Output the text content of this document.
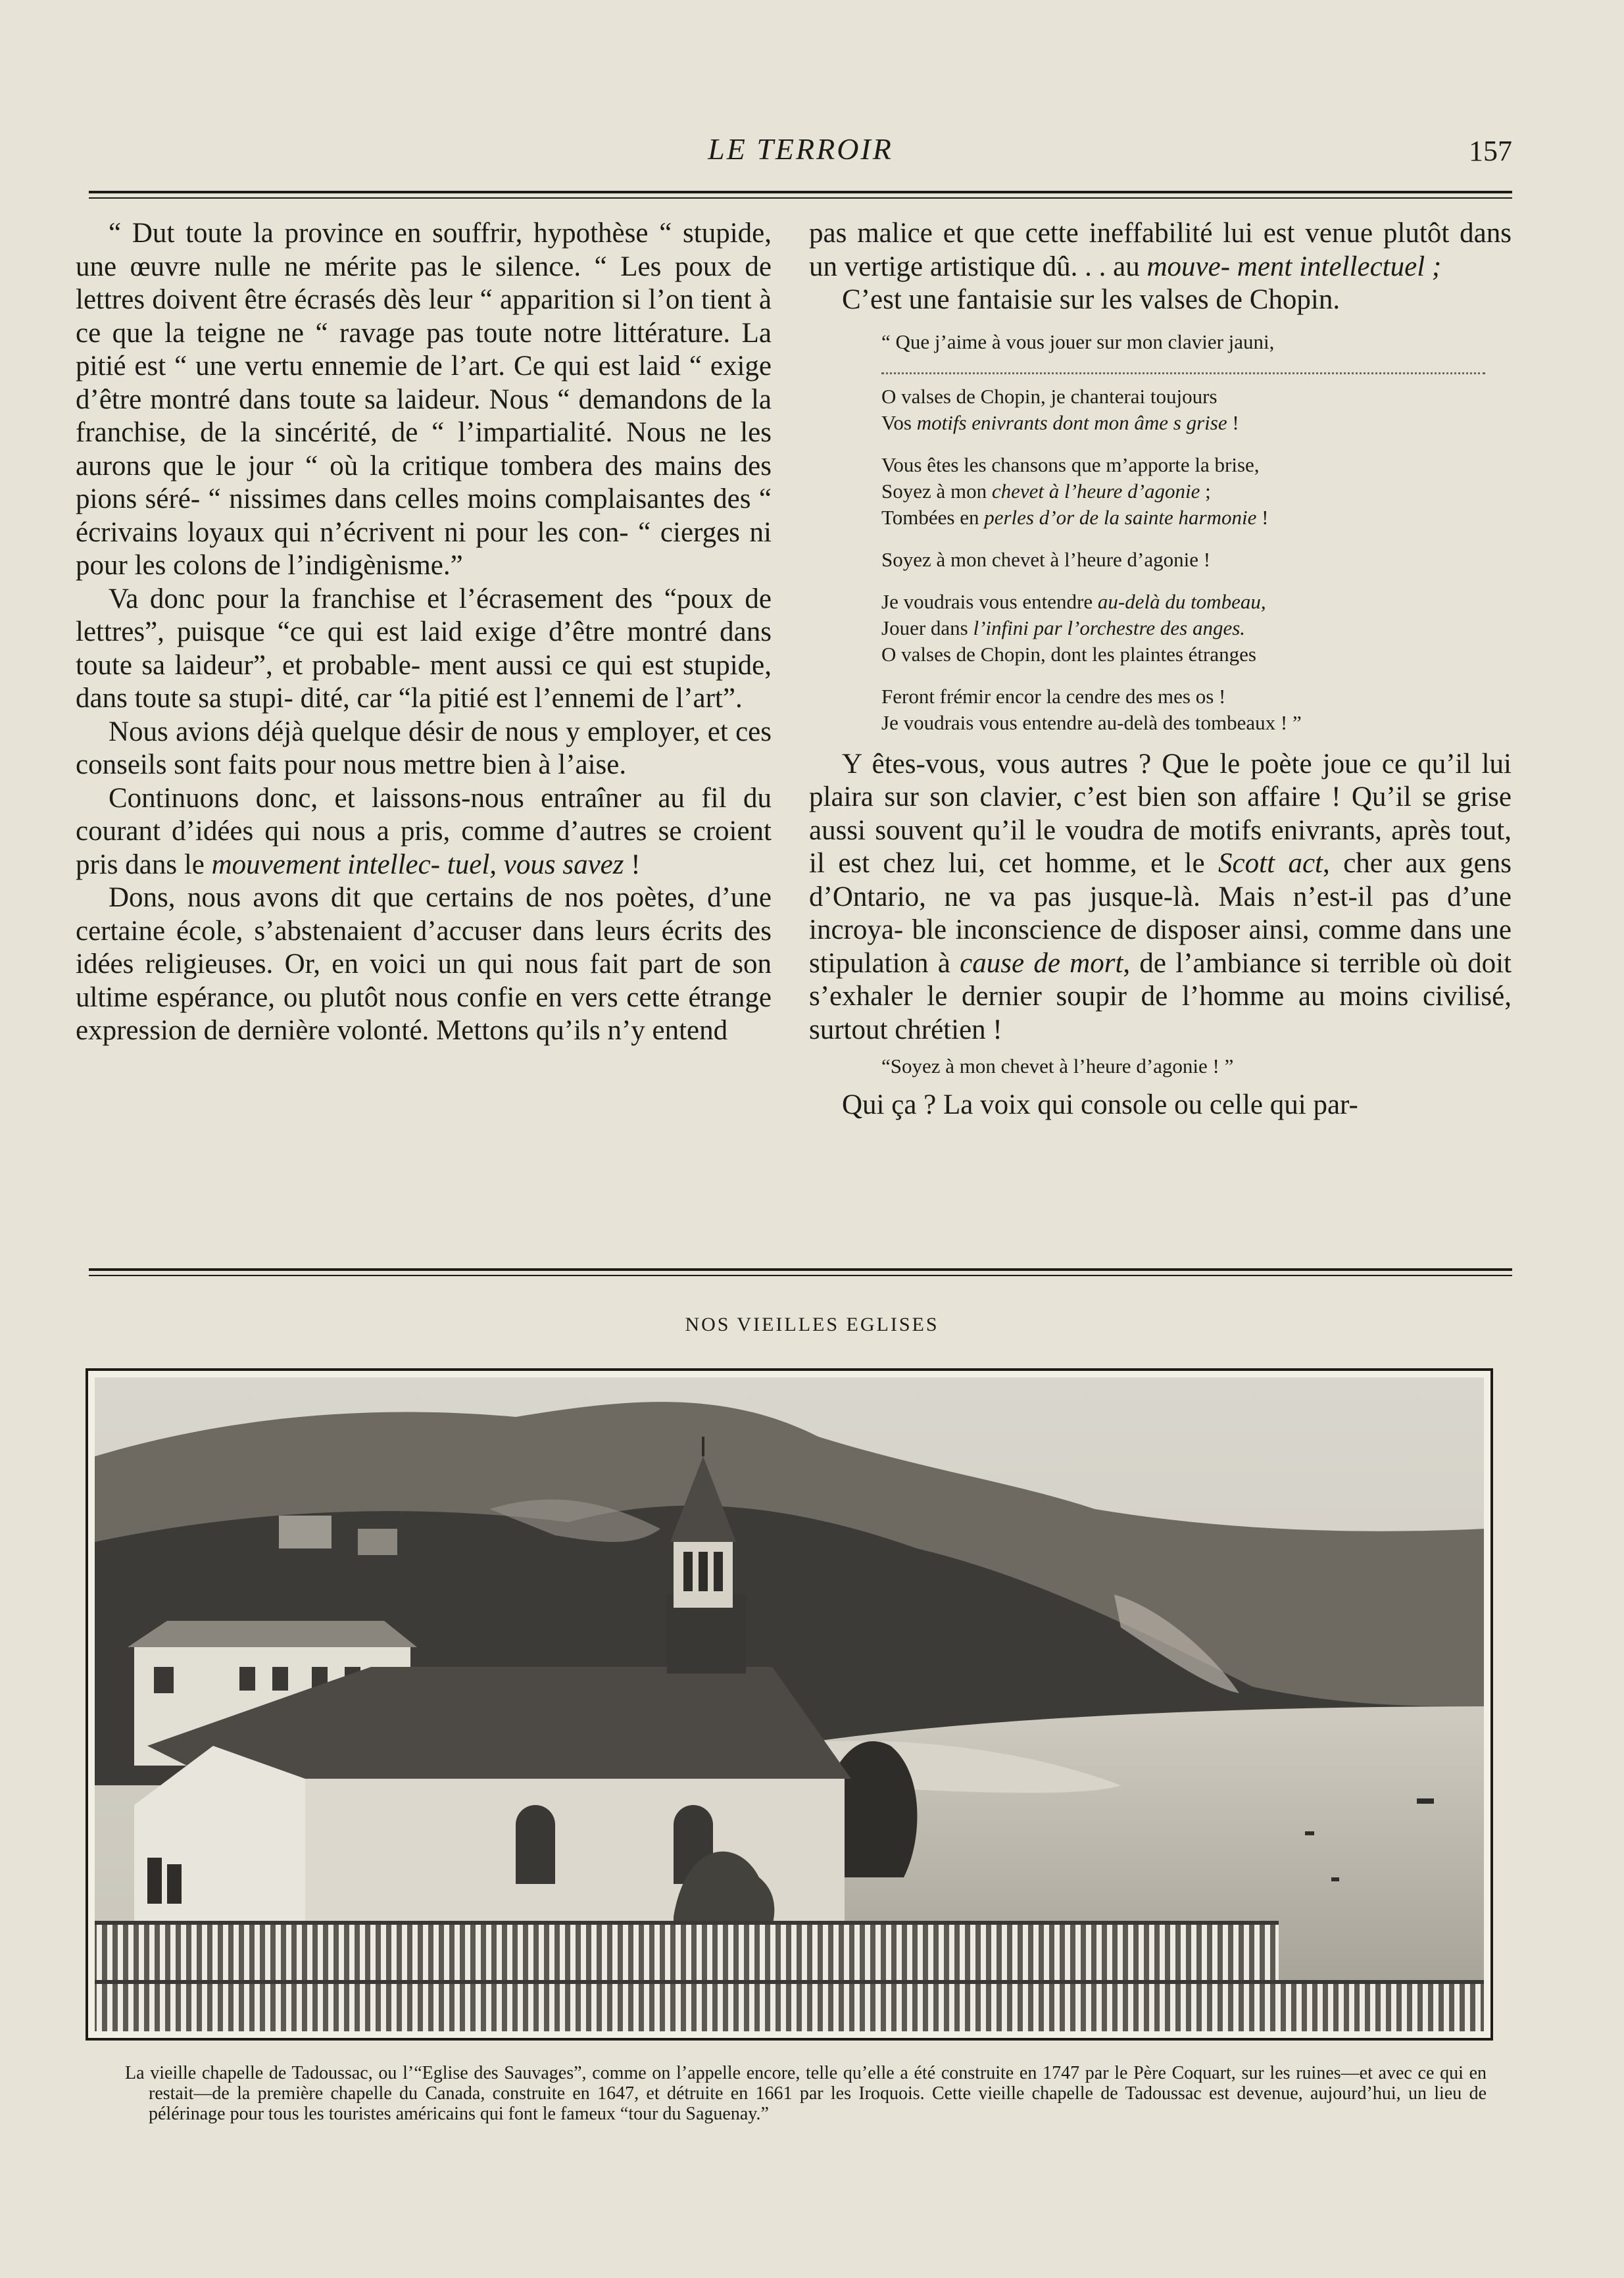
LE TERROIR	157

“ Dut toute la province en souffrir, hypothèse “ stupide, une œuvre nulle ne mérite pas le silence. “ Les poux de lettres doivent être écrasés dès leur “ apparition si l’on tient à ce que la teigne ne “ ravage pas toute notre littérature. La pitié est “ une vertu ennemie de l’art. Ce qui est laid “ exige d’être montré dans toute sa laideur. Nous “ demandons de la franchise, de la sincérité, de “ l’impartialité. Nous ne les aurons que le jour “ où la critique tombera des mains des pions séré- “ nissimes dans celles moins complaisantes des “ écrivains loyaux qui n’écrivent ni pour les con- “ cierges ni pour les colons de l’indigènisme.”

Va donc pour la franchise et l’écrasement des “poux de lettres”, puisque “ce qui est laid exige d’être montré dans toute sa laideur”, et probable- ment aussi ce qui est stupide, dans toute sa stupi- dité, car “la pitié est l’ennemi de l’art”.

Nous avions déjà quelque désir de nous y employer, et ces conseils sont faits pour nous mettre bien à l’aise.

Continuons donc, et laissons-nous entraîner au fil du courant d’idées qui nous a pris, comme d’autres se croient pris dans le mouvement intellec- tuel, vous savez !

Dons, nous avons dit que certains de nos poètes, d’une certaine école, s’abstenaient d’accuser dans leurs écrits des idées religieuses. Or, en voici un qui nous fait part de son ultime espérance, ou plutôt nous confie en vers cette étrange expression de dernière volonté. Mettons qu’ils n’y entend

pas malice et que cette ineffabilité lui est venue plutôt dans un vertige artistique dû. . . au mouve- ment intellectuel ;

C’est une fantaisie sur les valses de Chopin.

“ Que j’aime à vous jouer sur mon clavier jauni,
O valses de Chopin, je chanterai toujours
Vos motifs enivrants dont mon âme s grise !
Vous êtes les chansons que m’apporte la brise,
Soyez à mon chevet à l’heure d’agonie ;
Tombées en perles d’or de la sainte harmonie !
Soyez à mon chevet à l’heure d’agonie !
Je voudrais vous entendre au-delà du tombeau,
Jouer dans l’infini par l’orchestre des anges.
O valses de Chopin, dont les plaintes étranges
Feront frémir encor la cendre des mes os !
Je voudrais vous entendre au-delà des tombeaux ! ”

Y êtes-vous, vous autres ? Que le poète joue ce qu’il lui plaira sur son clavier, c’est bien son affaire ! Qu’il se grise aussi souvent qu’il le voudra de motifs enivrants, après tout, il est chez lui, cet homme, et le Scott act, cher aux gens d’Ontario, ne va pas jusque-là. Mais n’est-il pas d’une incroya- ble inconscience de disposer ainsi, comme dans une stipulation à cause de mort, de l’ambiance si terrible où doit s’exhaler le dernier soupir de l’homme au moins civilisé, surtout chrétien !

“Soyez à mon chevet à l’heure d’agonie ! ”

Qui ça ? La voix qui console ou celle qui par-

NOS VIEILLES EGLISES
La vieille chapelle de Tadoussac, ou l’“Eglise des Sauvages”, comme on l’appelle encore, telle qu’elle a été construite en 1747 par le Père Coquart, sur les ruines—et avec ce qui en restait—de la première chapelle du Canada, construite en 1647, et détruite en 1661 par les Iroquois. Cette vieille chapelle de Tadoussac est devenue, aujourd’hui, un lieu de pélérinage pour tous les touristes américains qui font le fameux “tour du Saguenay.”
